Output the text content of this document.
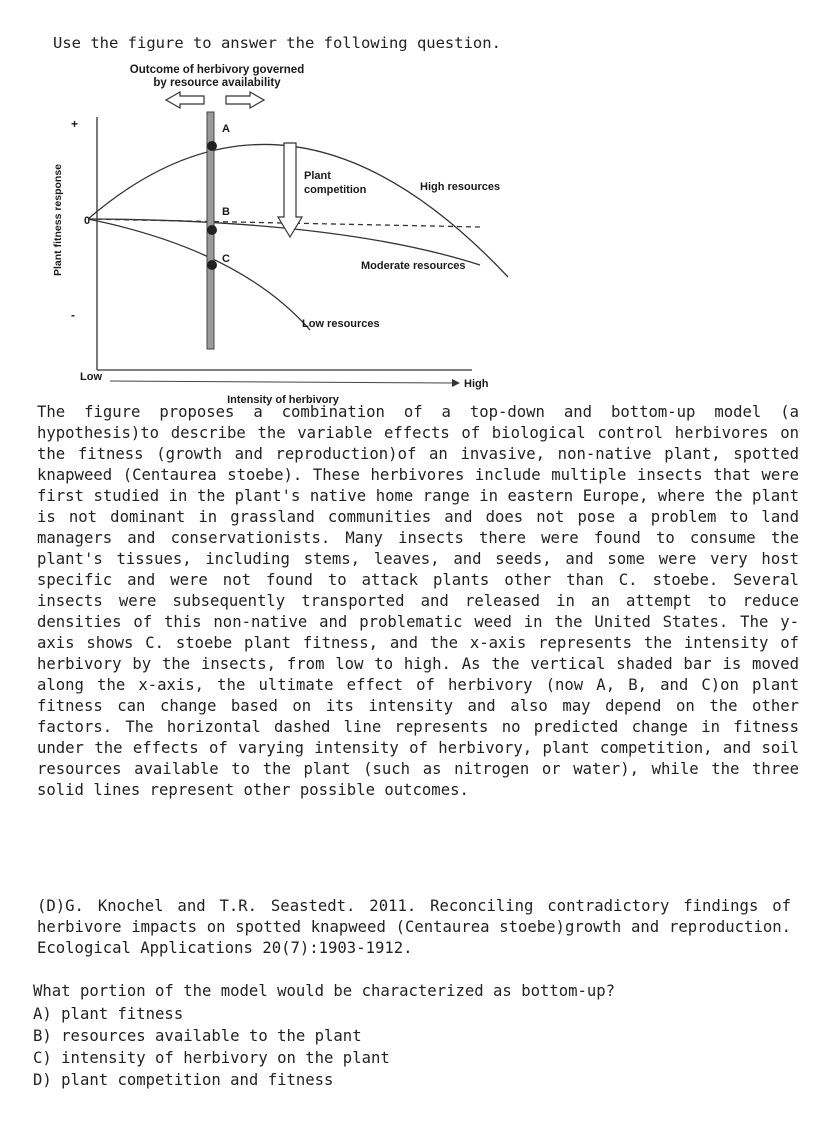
Use the figure to answer the following question.
Outcome of herbivory governed
by resource availability
Plant fitness response
+
0
-
Plant
competition	High resources
Moderate resources
Low resources
A
B
C
Low
High
Intensity of herbivory

The figure proposes a combination of a top-down and bottom-up model (a hypothesis)to describe the variable effects of biological control herbivores on the fitness (growth and reproduction)of an invasive, non-native plant, spotted knapweed (Centaurea stoebe). These herbivores include multiple insects that were first studied in the plant's native home range in eastern Europe, where the plant is not dominant in grassland communities and does not pose a problem to land managers and conservationists. Many insects there were found to consume the plant's tissues, including stems, leaves, and seeds, and some were very host specific and were not found to attack plants other than C. stoebe. Several insects were subsequently transported and released in an attempt to reduce densities of this non-native and problematic weed in the United States. The y-axis shows C. stoebe plant fitness, and the x-axis represents the intensity of herbivory by the insects, from low to high. As the vertical shaded bar is moved along the x-axis, the ultimate effect of herbivory (now A, B, and C)on plant fitness can change based on its intensity and also may depend on the other factors. The horizontal dashed line represents no predicted change in fitness under the effects of varying intensity of herbivory, plant competition, and soil resources available to the plant (such as nitrogen or water), while the three solid lines represent other possible outcomes.

(D)G. Knochel and T.R. Seastedt. 2011. Reconciling contradictory findings of herbivore impacts on spotted knapweed (Centaurea stoebe)growth and reproduction. Ecological Applications 20(7):1903-1912.

What portion of the model would be characterized as bottom-up?
A) plant fitness
B) resources available to the plant
C) intensity of herbivory on the plant
D) plant competition and fitness
